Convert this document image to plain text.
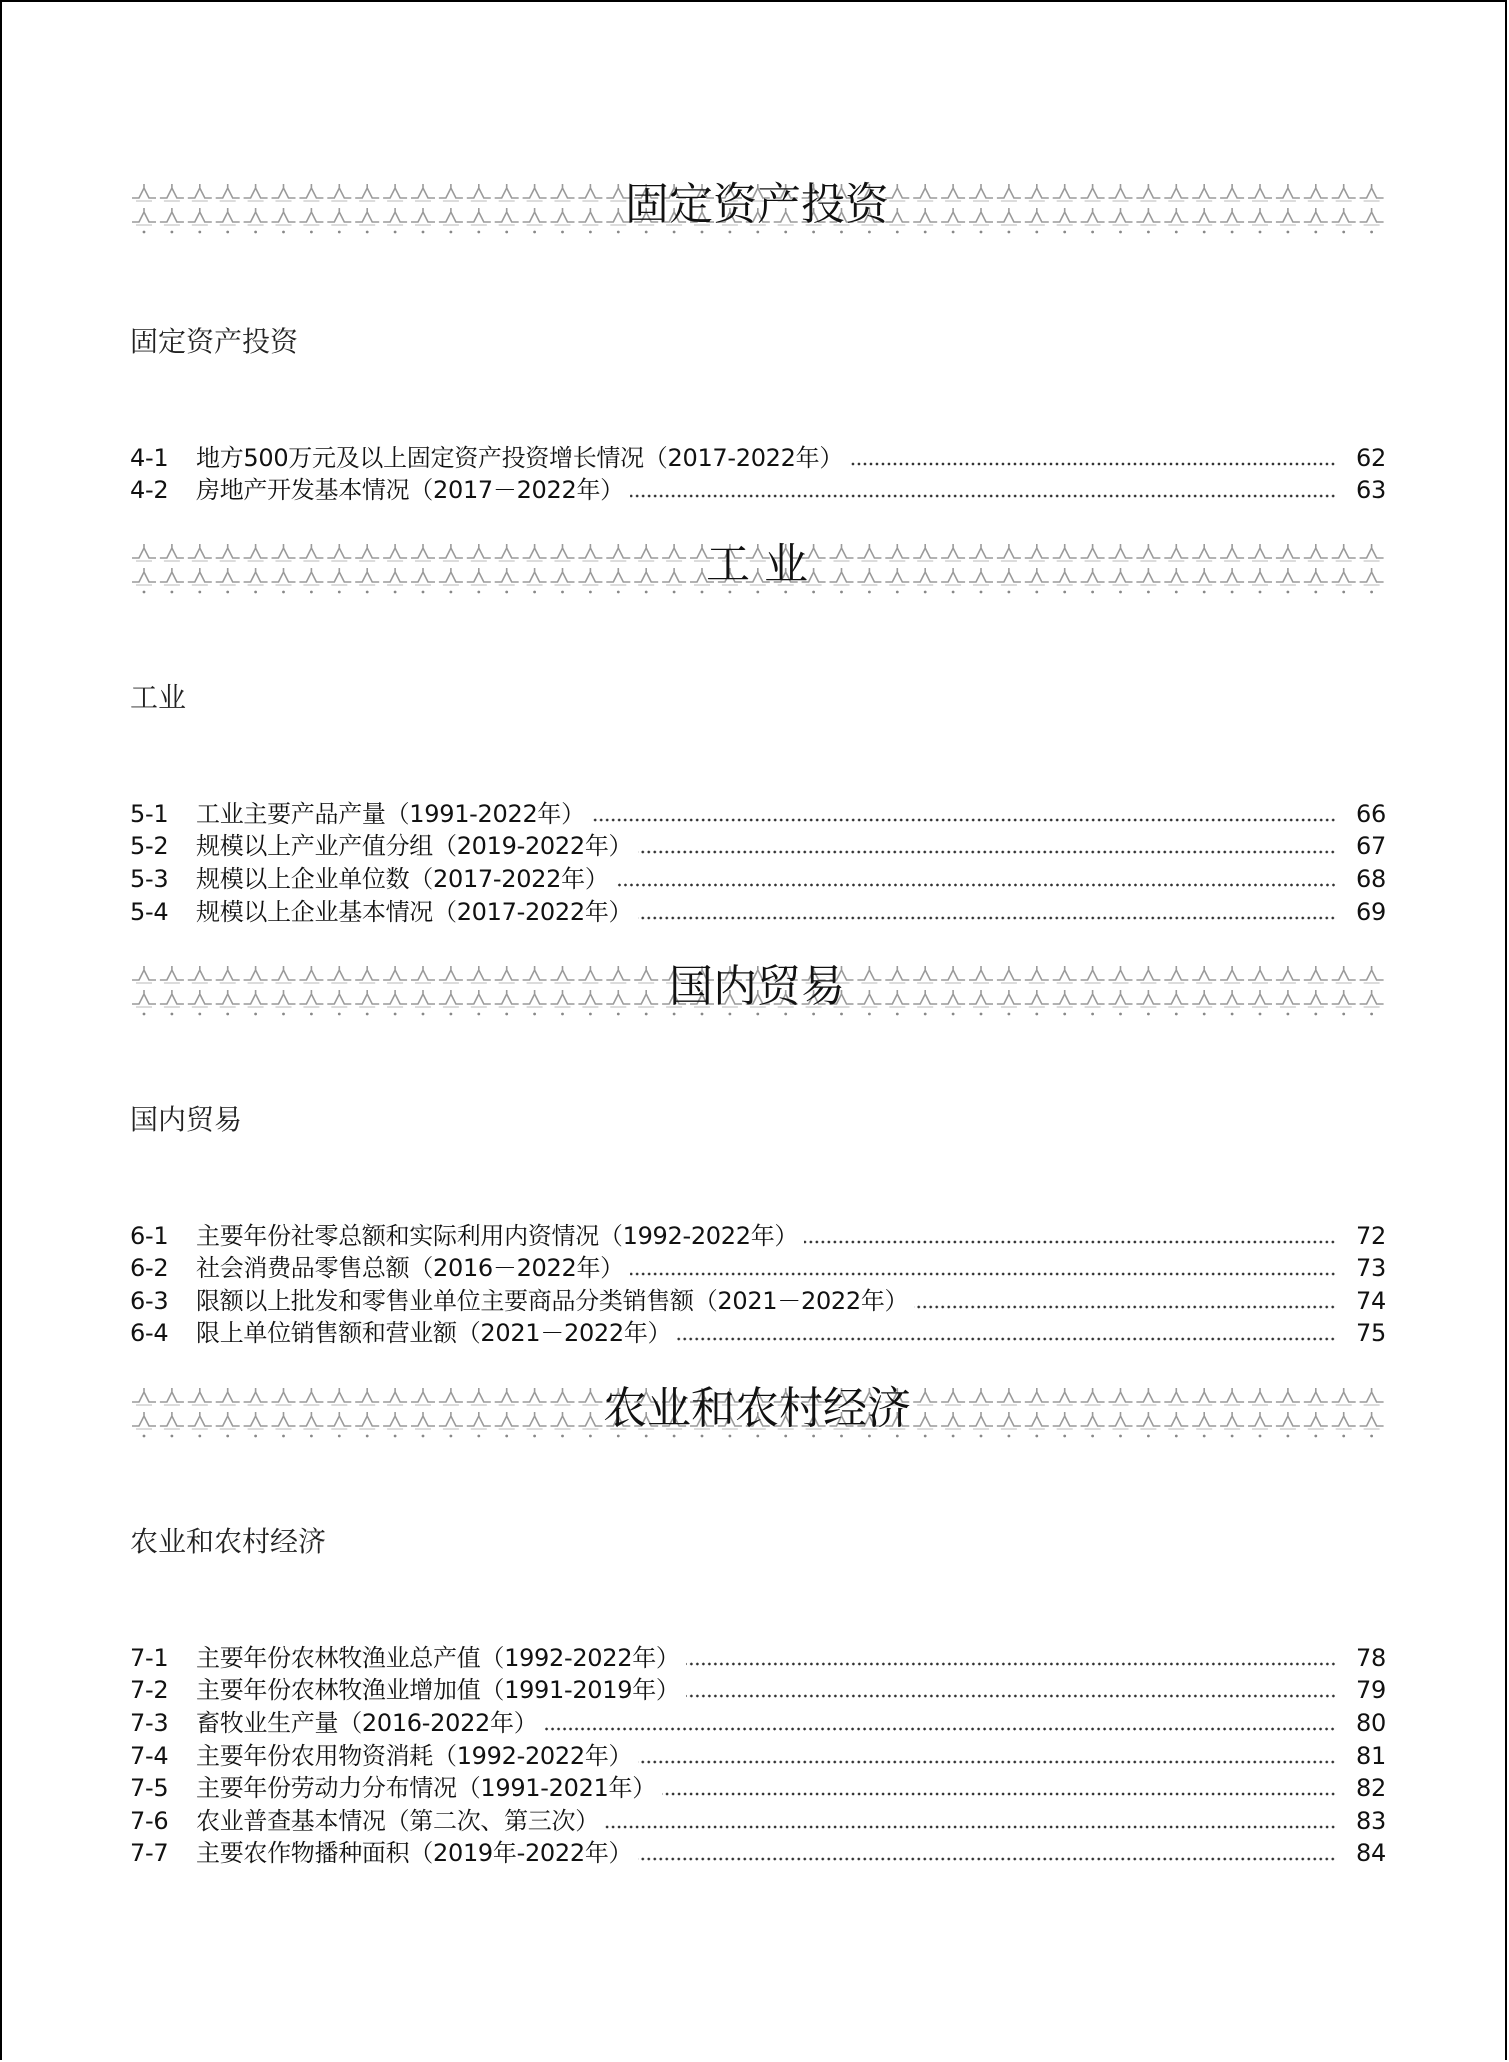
固定资产投资
固定资产投资
4-1	地方500万元及以上固定资产投资增长情况（2017-2022年）	62
4-2	房地产开发基本情况（2017－2022年）	63
工 业
工业
5-1	工业主要产品产量（1991-2022年）	66
5-2	规模以上产业产值分组（2019-2022年）	67
5-3	规模以上企业单位数（2017-2022年）	68
5-4	规模以上企业基本情况（2017-2022年）	69
国内贸易
国内贸易
6-1	主要年份社零总额和实际利用内资情况（1992-2022年）	72
6-2	社会消费品零售总额（2016－2022年）	73
6-3	限额以上批发和零售业单位主要商品分类销售额（2021－2022年）	74
6-4	限上单位销售额和营业额（2021－2022年）	75
农业和农村经济
农业和农村经济
7-1	主要年份农林牧渔业总产值（1992-2022年）	78
7-2	主要年份农林牧渔业增加值（1991-2019年）	79
7-3	畜牧业生产量（2016-2022年）	80
7-4	主要年份农用物资消耗（1992-2022年）	81
7-5	主要年份劳动力分布情况（1991-2021年）	82
7-6	农业普查基本情况（第二次、第三次）	83
7-7	主要农作物播种面积（2019年-2022年）	84
